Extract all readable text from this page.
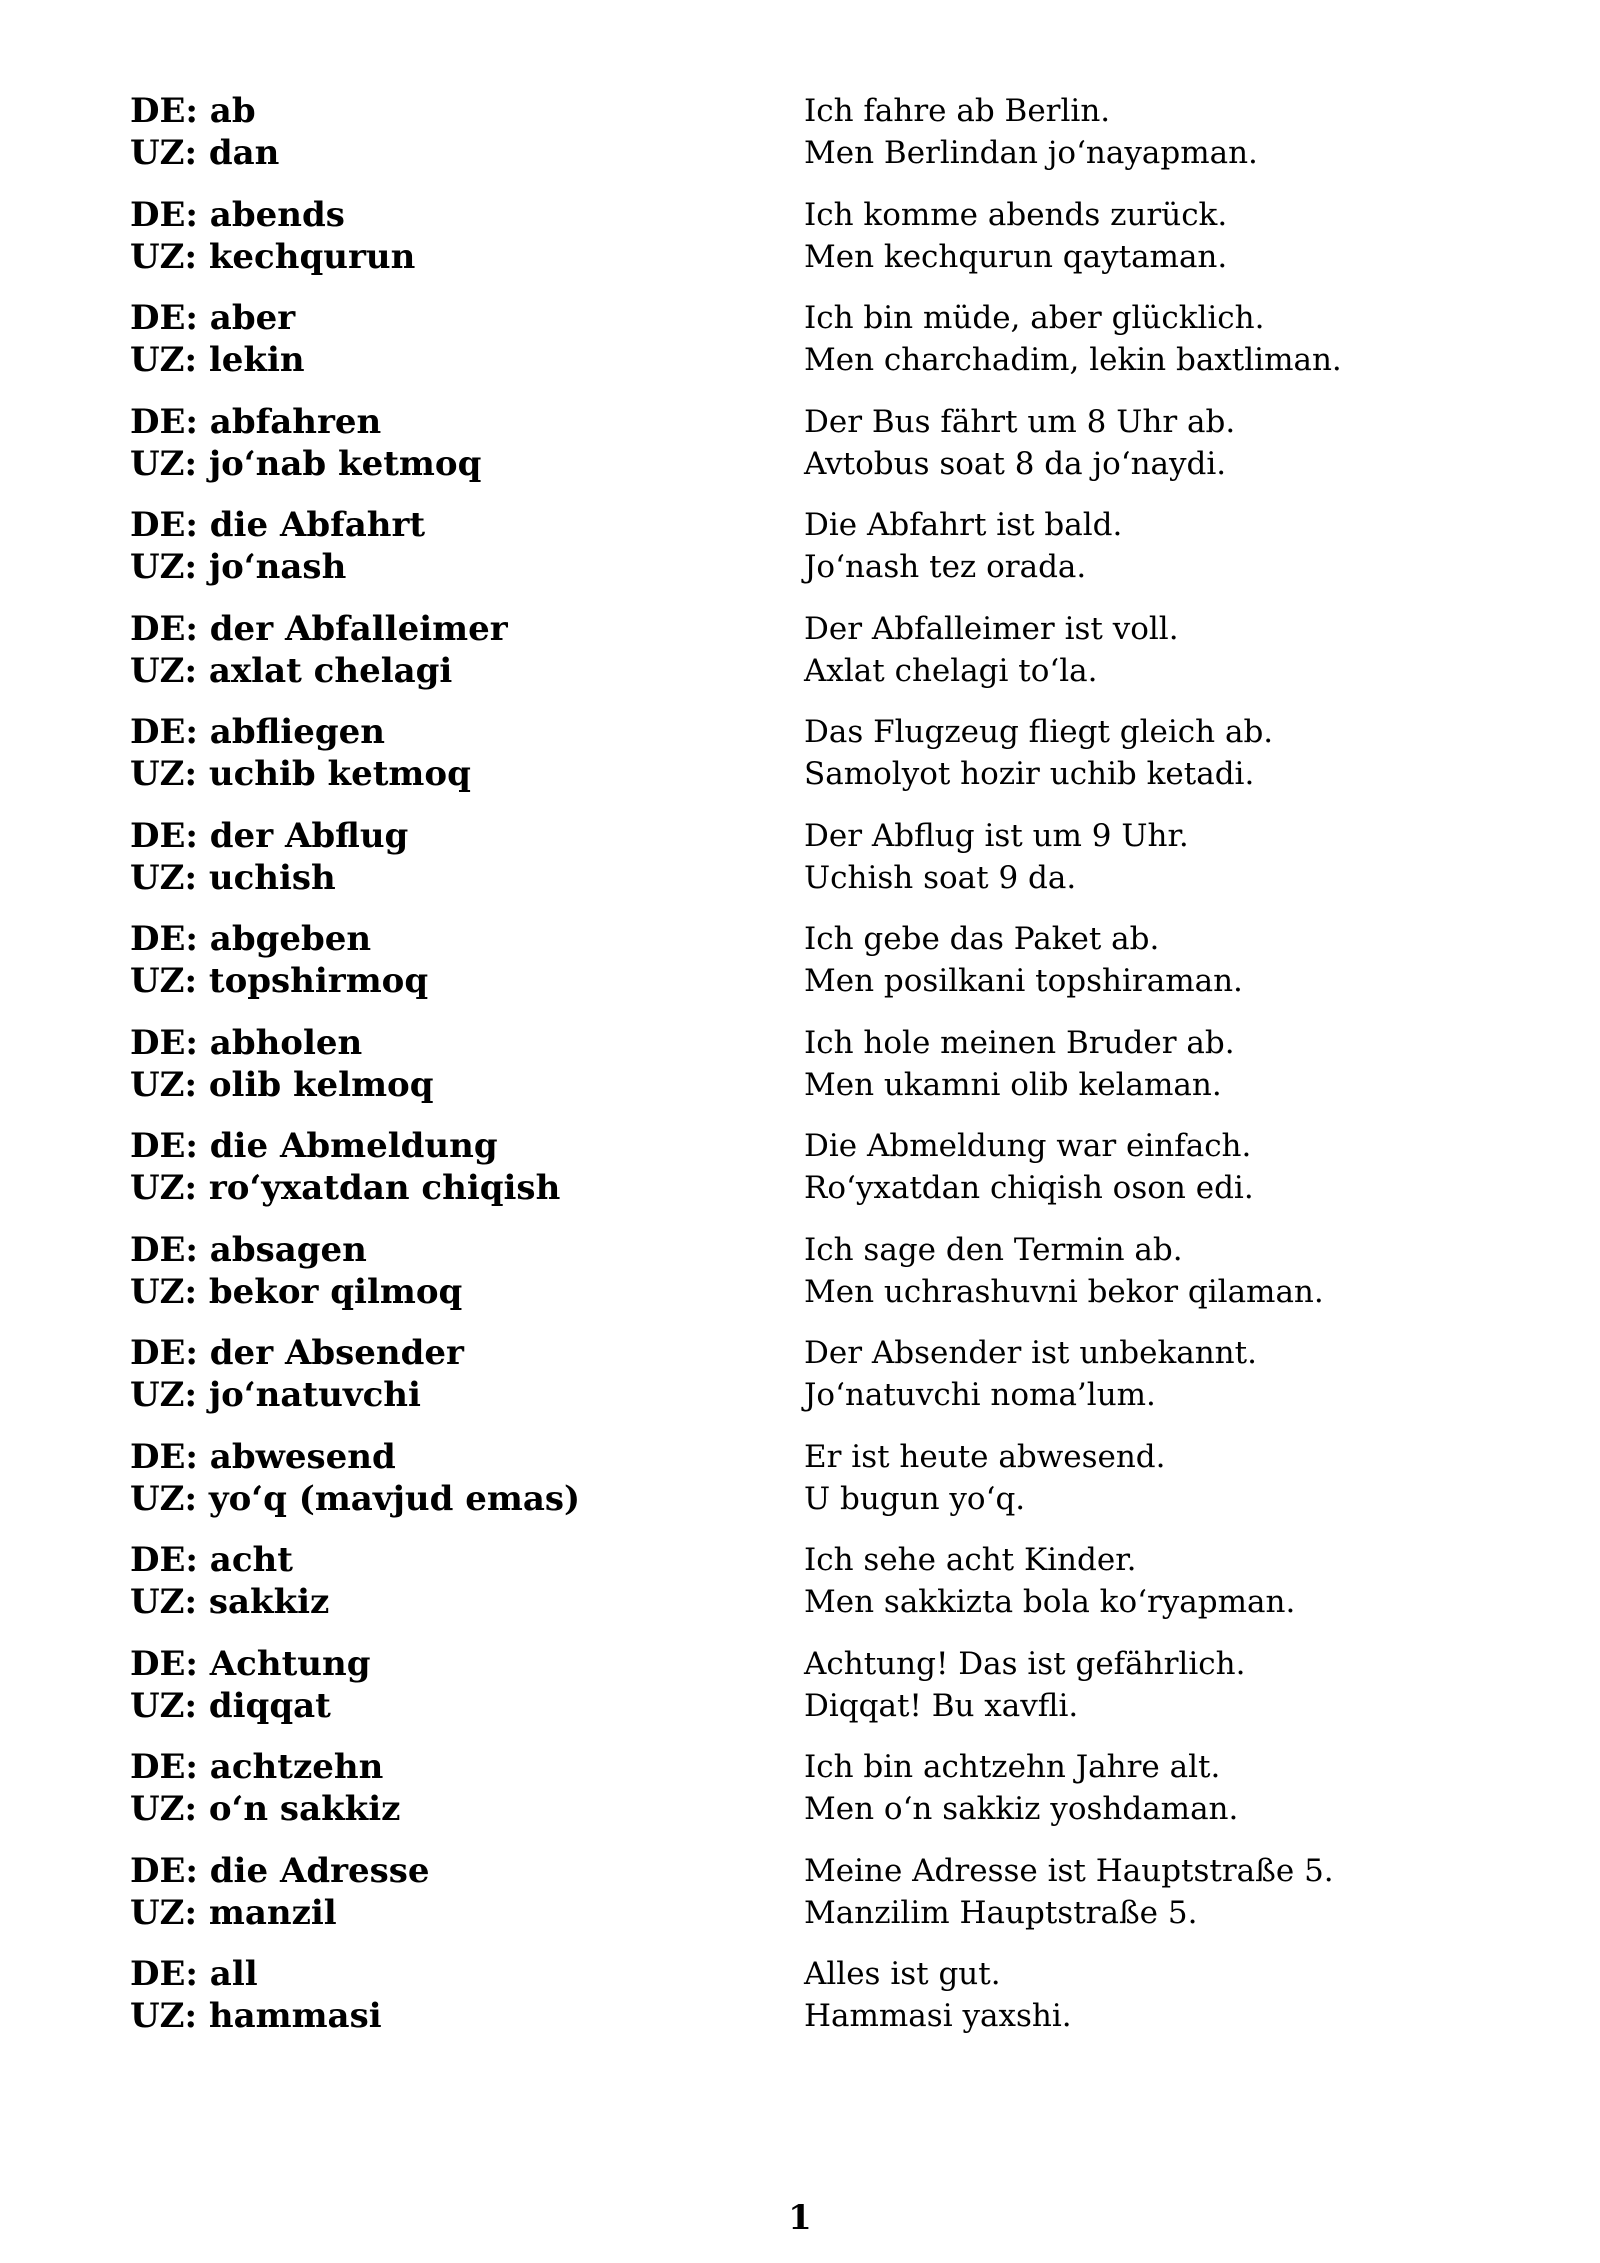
DE: ab
UZ: dan
Ich fahre ab Berlin.
Men Berlindan jo‘nayapman.
DE: abends
UZ: kechqurun
Ich komme abends zurück.
Men kechqurun qaytaman.
DE: aber
UZ: lekin
Ich bin müde, aber glücklich.
Men charchadim, lekin baxtliman.
DE: abfahren
UZ: jo‘nab ketmoq
Der Bus fährt um 8 Uhr ab.
Avtobus soat 8 da jo‘naydi.
DE: die Abfahrt
UZ: jo‘nash
Die Abfahrt ist bald.
Jo‘nash tez orada.
DE: der Abfalleimer
UZ: axlat chelagi
Der Abfalleimer ist voll.
Axlat chelagi to‘la.
DE: abfliegen
UZ: uchib ketmoq
Das Flugzeug fliegt gleich ab.
Samolyot hozir uchib ketadi.
DE: der Abflug
UZ: uchish
Der Abflug ist um 9 Uhr.
Uchish soat 9 da.
DE: abgeben
UZ: topshirmoq
Ich gebe das Paket ab.
Men posilkani topshiraman.
DE: abholen
UZ: olib kelmoq
Ich hole meinen Bruder ab.
Men ukamni olib kelaman.
DE: die Abmeldung
UZ: ro‘yxatdan chiqish
Die Abmeldung war einfach.
Ro‘yxatdan chiqish oson edi.
DE: absagen
UZ: bekor qilmoq
Ich sage den Termin ab.
Men uchrashuvni bekor qilaman.
DE: der Absender
UZ: jo‘natuvchi
Der Absender ist unbekannt.
Jo‘natuvchi noma’lum.
DE: abwesend
UZ: yo‘q (mavjud emas)
Er ist heute abwesend.
U bugun yo‘q.
DE: acht
UZ: sakkiz
Ich sehe acht Kinder.
Men sakkizta bola ko‘ryapman.
DE: Achtung
UZ: diqqat
Achtung! Das ist gefährlich.
Diqqat! Bu xavfli.
DE: achtzehn
UZ: o‘n sakkiz
Ich bin achtzehn Jahre alt.
Men o‘n sakkiz yoshdaman.
DE: die Adresse
UZ: manzil
Meine Adresse ist Hauptstraße 5.
Manzilim Hauptstraße 5.
DE: all
UZ: hammasi
Alles ist gut.
Hammasi yaxshi.
1
